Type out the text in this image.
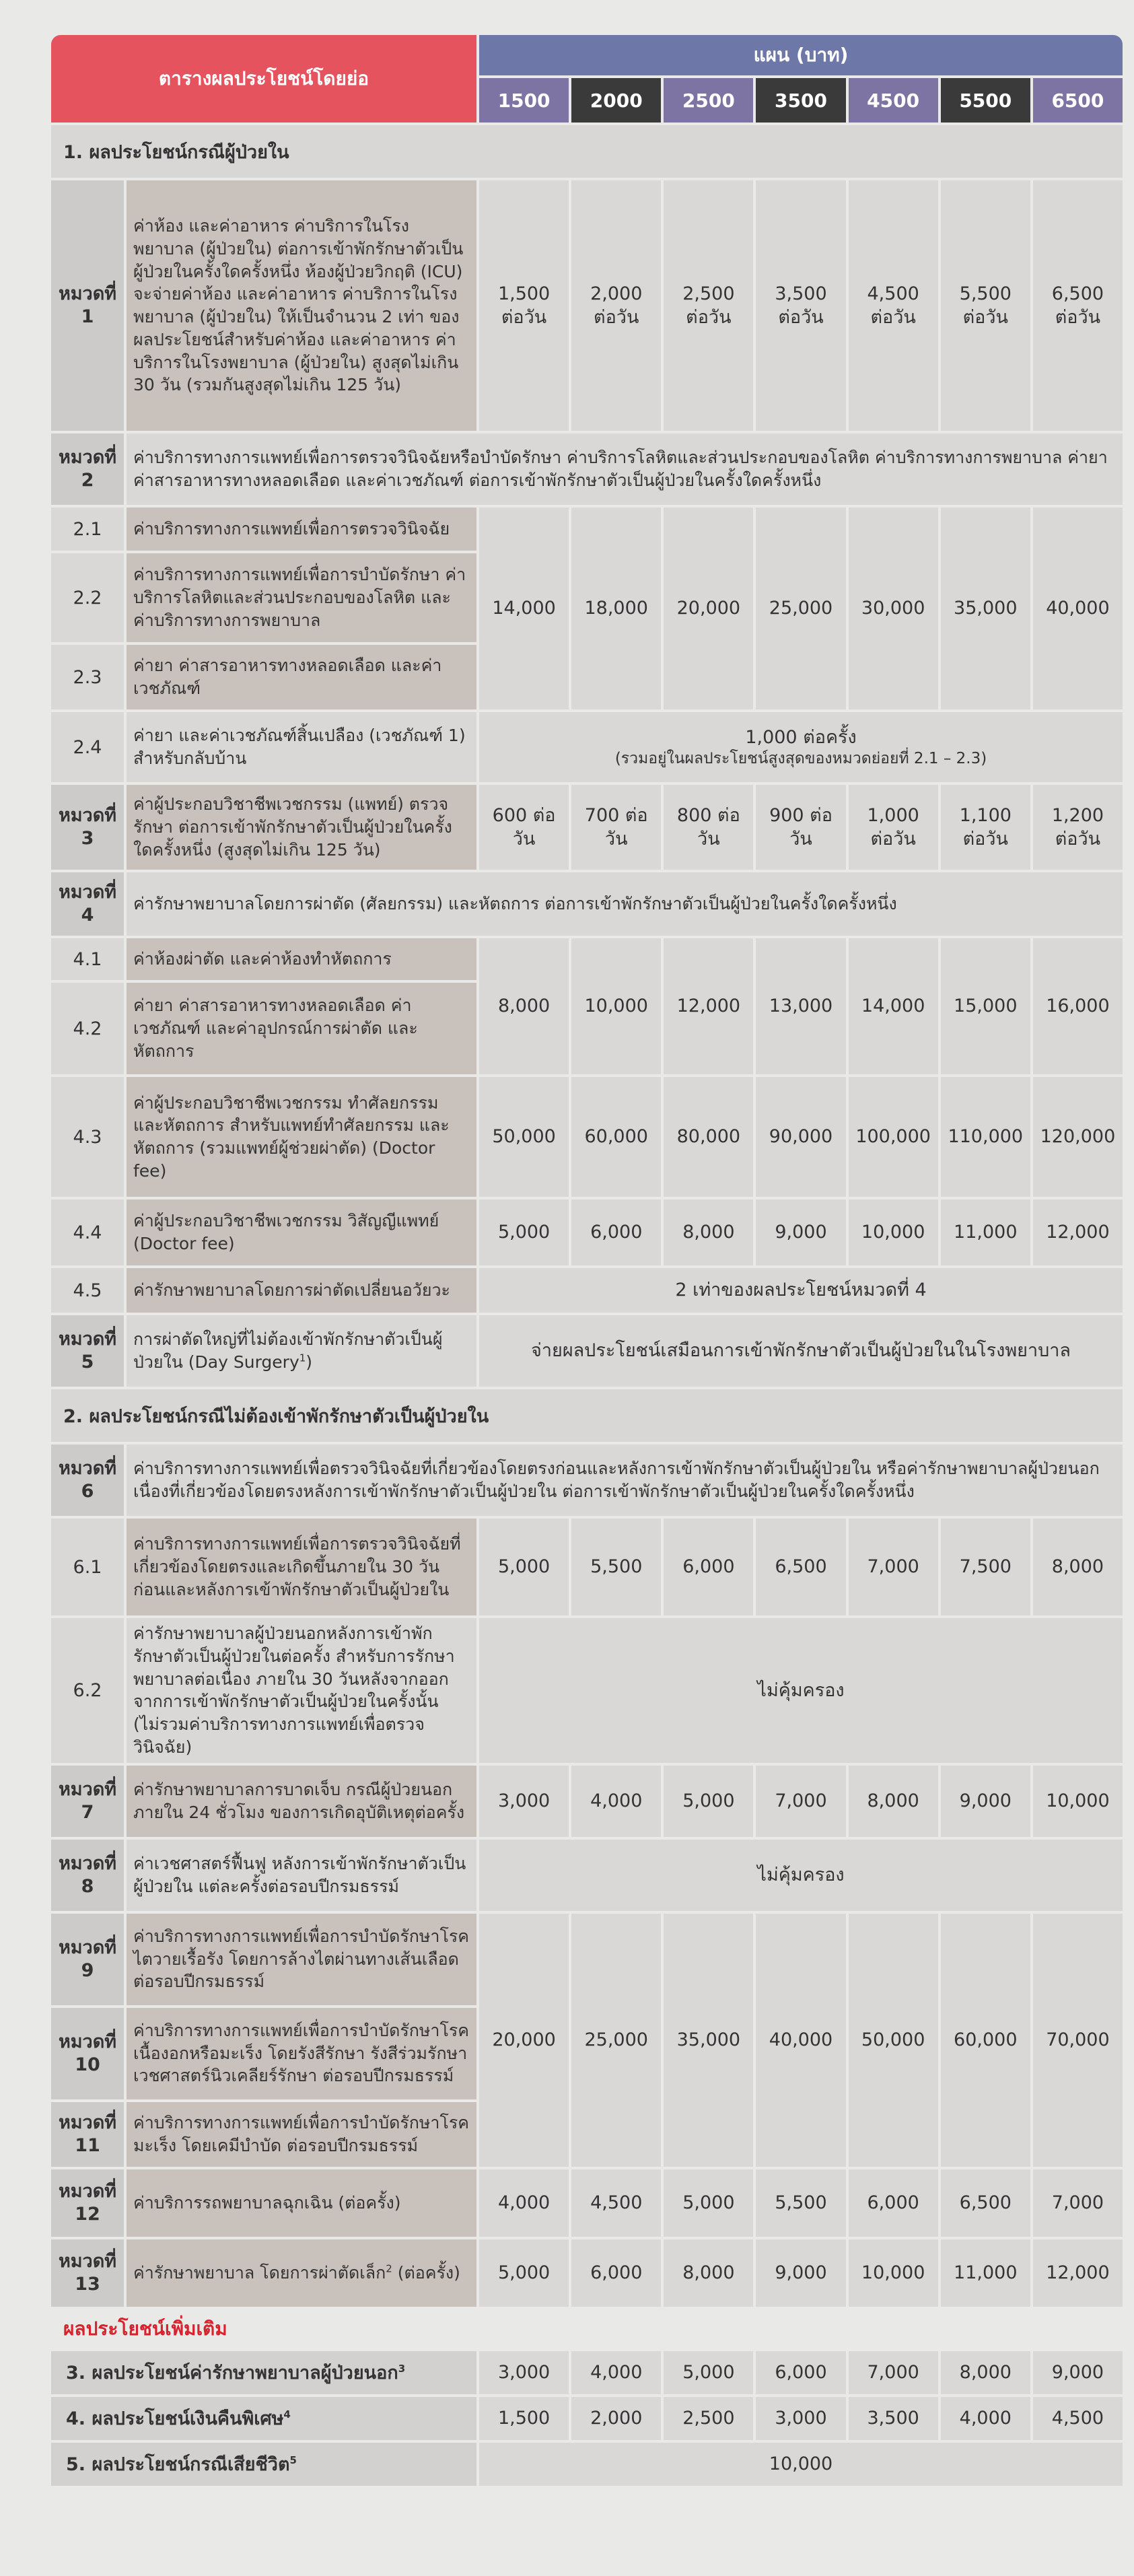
ตารางผลประโยชน์โดยย่อ		แผน (บาท)						
		1500	2000	2500	3500	4500	5500	6500
1. ผลประโยชน์กรณีผู้ป่วยใน								
หมวดที่ 1	ค่าห้อง และค่าอาหาร ค่าบริการในโรงพยาบาล (ผู้ป่วยใน) ต่อการเข้าพักรักษาตัวเป็นผู้ป่วยในครั้งใดครั้งหนึ่ง ห้องผู้ป่วยวิกฤติ (ICU) จะจ่ายค่าห้อง และค่าอาหาร ค่าบริการในโรงพยาบาล (ผู้ป่วยใน) ให้เป็นจำนวน 2 เท่า ของผลประโยชน์สำหรับค่าห้อง และค่าอาหาร ค่าบริการในโรงพยาบาล (ผู้ป่วยใน) สูงสุดไม่เกิน 30 วัน (รวมกันสูงสุดไม่เกิน 125 วัน)	1,500 ต่อวัน	2,000 ต่อวัน	2,500 ต่อวัน	3,500 ต่อวัน	4,500 ต่อวัน	5,500 ต่อวัน	6,500 ต่อวัน
หมวดที่ 2	ค่าบริการทางการแพทย์เพื่อการตรวจวินิจฉัยหรือบำบัดรักษา ค่าบริการโลหิตและส่วนประกอบของโลหิต ค่าบริการทางการพยาบาล ค่ายา ค่าสารอาหารทางหลอดเลือด และค่าเวชภัณฑ์ ต่อการเข้าพักรักษาตัวเป็นผู้ป่วยในครั้งใดครั้งหนึ่ง							
2.1	ค่าบริการทางการแพทย์เพื่อการตรวจวินิจฉัย	14,000	18,000	20,000	25,000	30,000	35,000	40,000
2.2	ค่าบริการทางการแพทย์เพื่อการบำบัดรักษา ค่าบริการโลหิตและส่วนประกอบของโลหิต และค่าบริการทางการพยาบาล							
2.3	ค่ายา ค่าสารอาหารทางหลอดเลือด และค่าเวชภัณฑ์							
2.4	ค่ายา และค่าเวชภัณฑ์สิ้นเปลือง (เวชภัณฑ์ 1) สำหรับกลับบ้าน	1,000 ต่อครั้ง
(รวมอยู่ในผลประโยชน์สูงสุดของหมวดย่อยที่ 2.1 – 2.3)						

หมวดที่ 3	ค่าผู้ประกอบวิชาชีพเวชกรรม (แพทย์) ตรวจรักษา ต่อการเข้าพักรักษาตัวเป็นผู้ป่วยในครั้งใดครั้งหนึ่ง (สูงสุดไม่เกิน 125 วัน)	600 ต่อวัน	700 ต่อวัน	800 ต่อวัน	900 ต่อวัน	1,000 ต่อวัน	1,100 ต่อวัน	1,200 ต่อวัน
หมวดที่ 4	ค่ารักษาพยาบาลโดยการผ่าตัด (ศัลยกรรม) และหัตถการ ต่อการเข้าพักรักษาตัวเป็นผู้ป่วยในครั้งใดครั้งหนึ่ง							
4.1	ค่าห้องผ่าตัด และค่าห้องทำหัตถการ	8,000	10,000	12,000	13,000	14,000	15,000	16,000
4.2	ค่ายา ค่าสารอาหารทางหลอดเลือด ค่าเวชภัณฑ์ และค่าอุปกรณ์การผ่าตัด และหัตถการ							
4.3	ค่าผู้ประกอบวิชาชีพเวชกรรม ทำศัลยกรรม และหัตถการ สำหรับแพทย์ทำศัลยกรรม และหัตถการ (รวมแพทย์ผู้ช่วยผ่าตัด) (Doctor fee)	50,000	60,000	80,000	90,000	100,000	110,000	120,000
4.4	ค่าผู้ประกอบวิชาชีพเวชกรรม วิสัญญีแพทย์ (Doctor fee)	5,000	6,000	8,000	9,000	10,000	11,000	12,000
4.5	ค่ารักษาพยาบาลโดยการผ่าตัดเปลี่ยนอวัยวะ	2 เท่าของผลประโยชน์หมวดที่ 4						
หมวดที่ 5	การผ่าตัดใหญ่ที่ไม่ต้องเข้าพักรักษาตัวเป็นผู้ป่วยใน (Day Surgery$^1$)	จ่ายผลประโยชน์เสมือนการเข้าพักรักษาตัวเป็นผู้ป่วยในในโรงพยาบาล						
2. ผลประโยชน์กรณีไม่ต้องเข้าพักรักษาตัวเป็นผู้ป่วยใน								
หมวดที่ 6	ค่าบริการทางการแพทย์เพื่อตรวจวินิจฉัยที่เกี่ยวข้องโดยตรงก่อนและหลังการเข้าพักรักษาตัวเป็นผู้ป่วยใน หรือค่ารักษาพยาบาลผู้ป่วยนอกเนื่องที่เกี่ยวข้องโดยตรงหลังการเข้าพักรักษาตัวเป็นผู้ป่วยใน ต่อการเข้าพักรักษาตัวเป็นผู้ป่วยในครั้งใดครั้งหนึ่ง							
6.1	ค่าบริการทางการแพทย์เพื่อการตรวจวินิจฉัยที่เกี่ยวข้องโดยตรงและเกิดขึ้นภายใน 30 วัน ก่อนและหลังการเข้าพักรักษาตัวเป็นผู้ป่วยใน	5,000	5,500	6,000	6,500	7,000	7,500	8,000
6.2	ค่ารักษาพยาบาลผู้ป่วยนอกหลังการเข้าพักรักษาตัวเป็นผู้ป่วยในต่อครั้ง สำหรับการรักษาพยาบาลต่อเนื่อง ภายใน 30 วันหลังจากออกจากการเข้าพักรักษาตัวเป็นผู้ป่วยในครั้งนั้น (ไม่รวมค่าบริการทางการแพทย์เพื่อตรวจวินิจฉัย)	ไม่คุ้มครอง						
หมวดที่ 7	ค่ารักษาพยาบาลการบาดเจ็บ กรณีผู้ป่วยนอกภายใน 24 ชั่วโมง ของการเกิดอุบัติเหตุต่อครั้ง	3,000	4,000	5,000	7,000	8,000	9,000	10,000
หมวดที่ 8	ค่าเวชศาสตร์ฟื้นฟู หลังการเข้าพักรักษาตัวเป็นผู้ป่วยใน แต่ละครั้งต่อรอบปีกรมธรรม์	ไม่คุ้มครอง						
หมวดที่ 9	ค่าบริการทางการแพทย์เพื่อการบำบัดรักษาโรคไตวายเรื้อรัง โดยการล้างไตผ่านทางเส้นเลือด ต่อรอบปีกรมธรรม์	20,000	25,000	35,000	40,000	50,000	60,000	70,000
หมวดที่ 10	ค่าบริการทางการแพทย์เพื่อการบำบัดรักษาโรคเนื้องอกหรือมะเร็ง โดยรังสีรักษา รังสีร่วมรักษา เวชศาสตร์นิวเคลียร์รักษา ต่อรอบปีกรมธรรม์							
หมวดที่ 11	ค่าบริการทางการแพทย์เพื่อการบำบัดรักษาโรคมะเร็ง โดยเคมีบำบัด ต่อรอบปีกรมธรรม์							
หมวดที่ 12	ค่าบริการรถพยาบาลฉุกเฉิน (ต่อครั้ง)	4,000	4,500	5,000	5,500	6,000	6,500	7,000
หมวดที่ 13	ค่ารักษาพยาบาล โดยการผ่าตัดเล็ก$^2$ (ต่อครั้ง)	5,000	6,000	8,000	9,000	10,000	11,000	12,000
ผลประโยชน์เพิ่มเติม								
3. ผลประโยชน์ค่ารักษาพยาบาลผู้ป่วยนอก$^3$		3,000	4,000	5,000	6,000	7,000	8,000	9,000
4. ผลประโยชน์เงินคืนพิเศษ$^4$		1,500	2,000	2,500	3,000	3,500	4,000	4,500
5. ผลประโยชน์กรณีเสียชีวิต$^5$		10,000						
